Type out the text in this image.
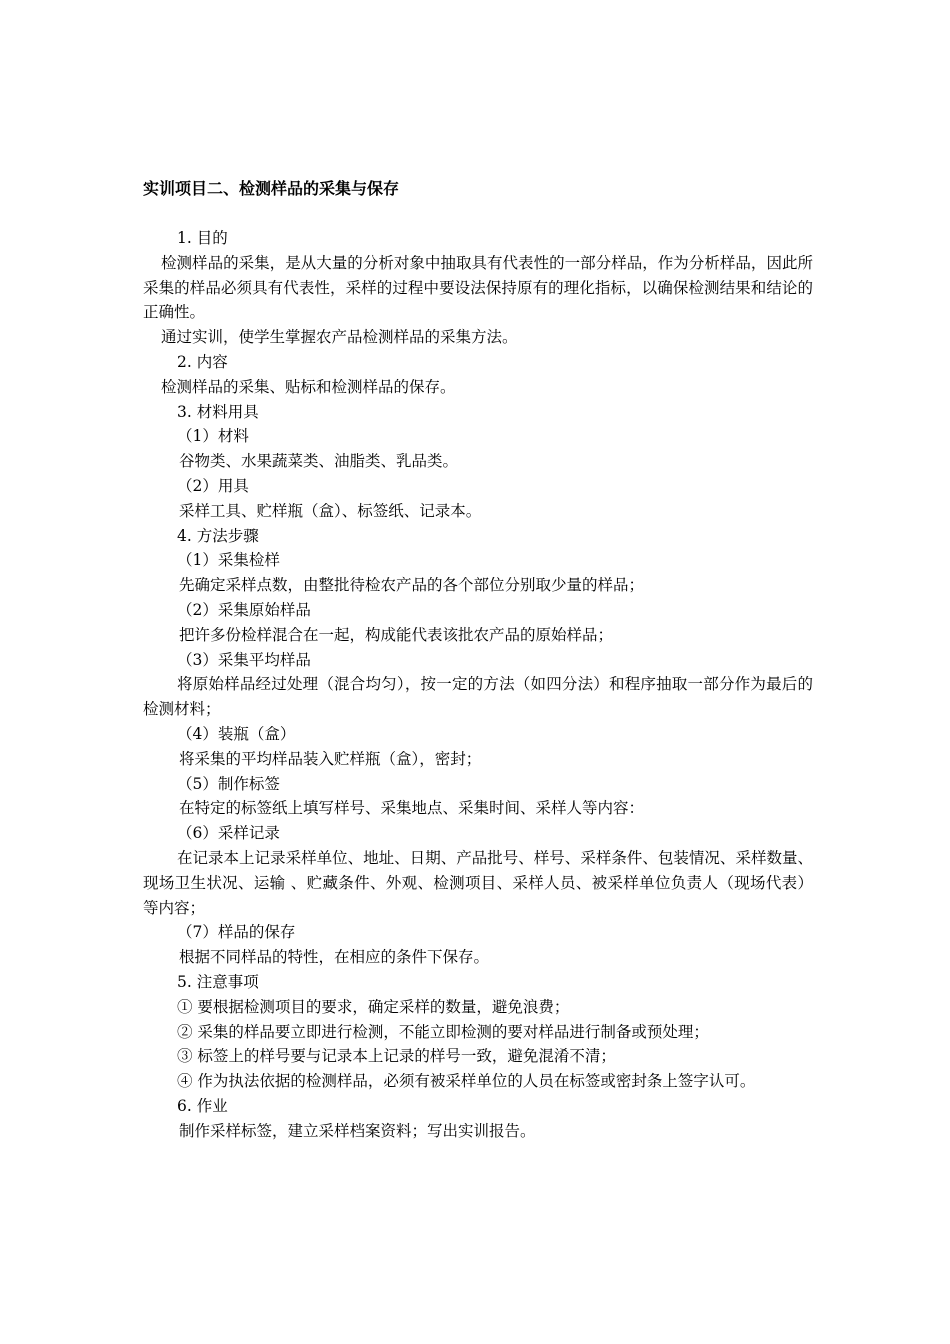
实训项目二、检测样品的采集与保存
1. 目的
检测样品的采集，是从大量的分析对象中抽取具有代表性的一部分样品，作为分析样品，因此所采集的样品必须具有代表性，采样的过程中要设法保持原有的理化指标，以确保检测结果和结论的正确性。
通过实训，使学生掌握农产品检测样品的采集方法。
2. 内容
检测样品的采集、贴标和检测样品的保存。
3. 材料用具
（1）材料
谷物类、水果蔬菜类、油脂类、乳品类。
（2）用具
采样工具、贮样瓶（盒）、标签纸、记录本。
4. 方法步骤
（1）采集检样
先确定采样点数，由整批待检农产品的各个部位分别取少量的样品；
（2）采集原始样品
把许多份检样混合在一起，构成能代表该批农产品的原始样品；
（3）采集平均样品
将原始样品经过处理（混合均匀），按一定的方法（如四分法）和程序抽取一部分作为最后的检测材料；
（4）装瓶（盒）
将采集的平均样品装入贮样瓶（盒），密封；
（5）制作标签
在特定的标签纸上填写样号、采集地点、采集时间、采样人等内容：
（6）采样记录
在记录本上记录采样单位、地址、日期、产品批号、样号、采样条件、包装情况、采样数量、现场卫生状况、运输 、贮藏条件、外观、检测项目、采样人员、被采样单位负责人（现场代表）等内容；
（7）样品的保存
根据不同样品的特性，在相应的条件下保存。
5. 注意事项
① 要根据检测项目的要求，确定采样的数量，避免浪费；
② 采集的样品要立即进行检测，不能立即检测的要对样品进行制备或预处理；
③ 标签上的样号要与记录本上记录的样号一致，避免混淆不清；
④ 作为执法依据的检测样品，必须有被采样单位的人员在标签或密封条上签字认可。
6. 作业
制作采样标签，建立采样档案资料；写出实训报告。
